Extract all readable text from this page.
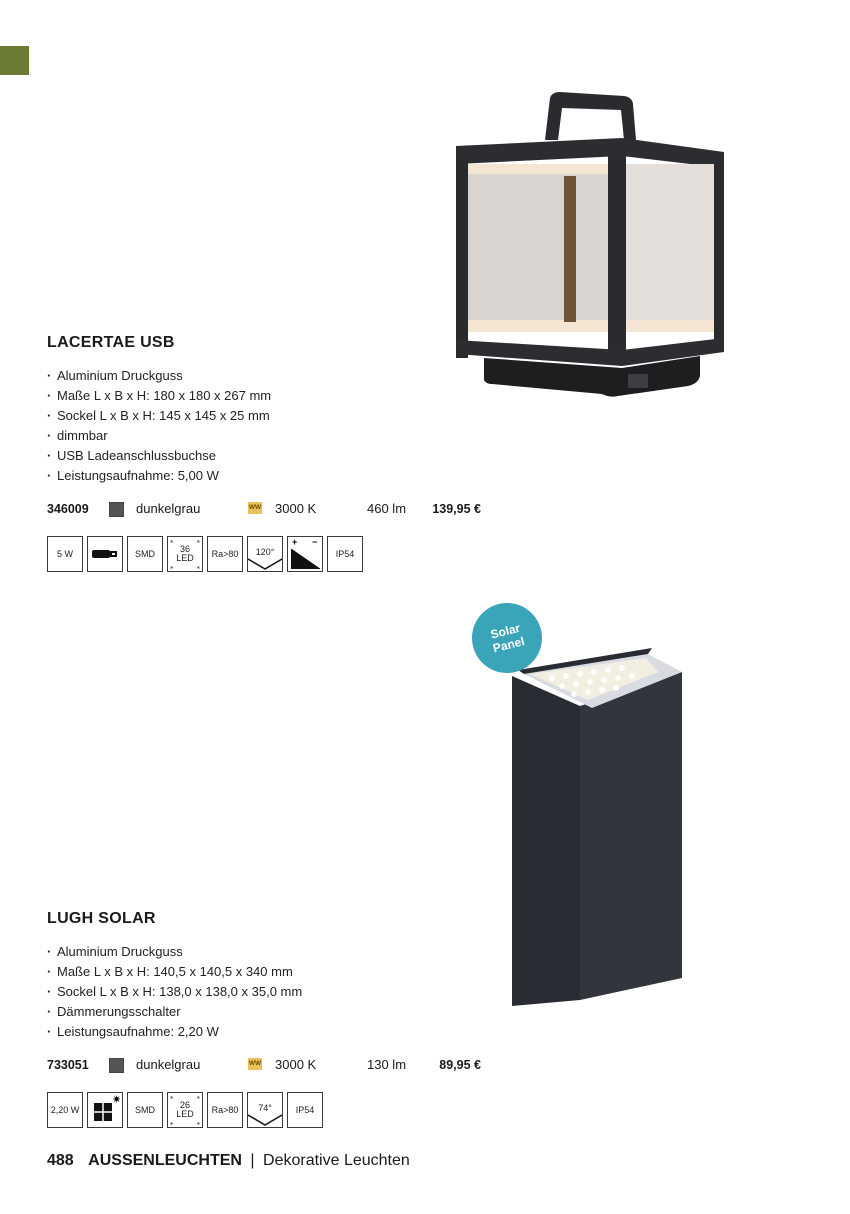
Solar Panel
LACERTAE USB
· Aluminium Druckguss
· Maße L x B x H: 180 x 180 x 267 mm
· Sockel L x B x H: 145 x 145 x 25 mm
· dimmbar
· USB Ladeanschlussbuchse
· Leistungsaufnahme: 5,00 W
346009	dunkelgrau	WW 3000 K	460 lm 139,95 €
5 W	SMD
⁎	⁎
⁎	⁎
36
LED Ra>80 120°
+ −
IP54
LUGH SOLAR
· Aluminium Druckguss
· Maße L x B x H: 140,5 x 140,5 x 340 mm
· Sockel L x B x H: 138,0 x 138,0 x 35,0 mm
· Dämmerungsschalter
· Leistungsaufnahme: 2,20 W
733051	dunkelgrau	WW 3000 K	130 lm	89,95 €
2,20 W
✷
SMD
⁎	⁎
⁎	⁎
26
LED Ra>80 74°	IP54
488 AUSSENLEUCHTEN | Dekorative Leuchten
